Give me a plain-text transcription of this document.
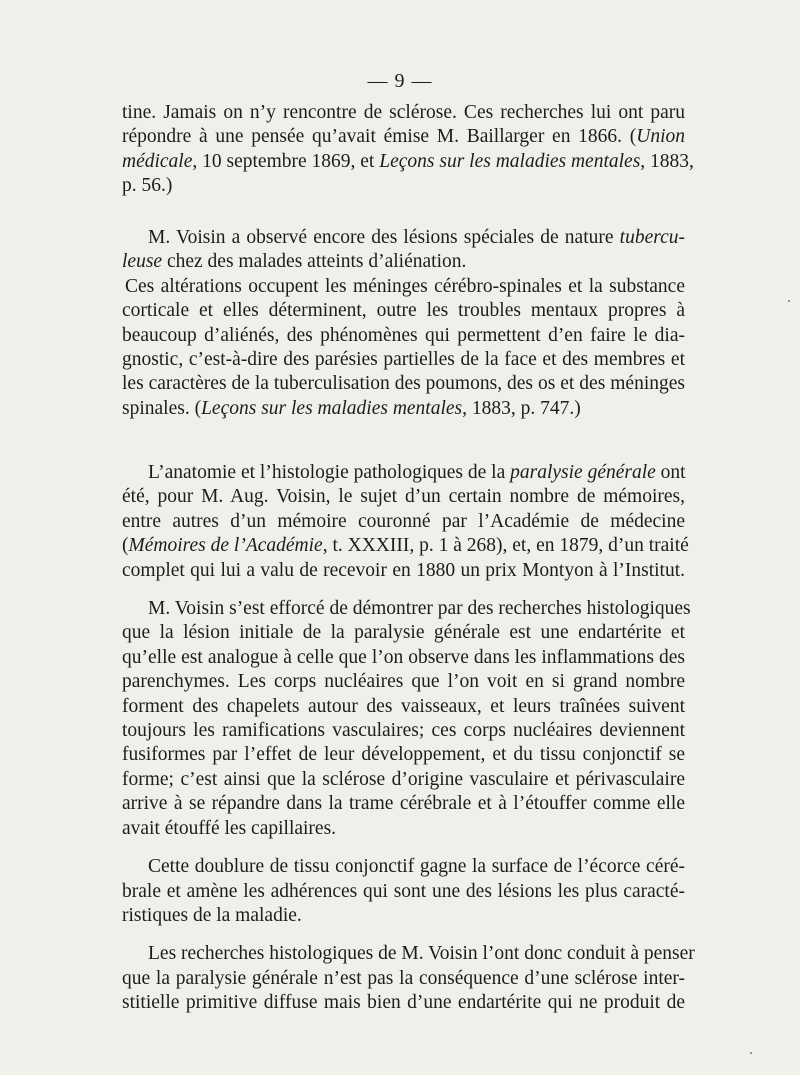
— 9 —

tine. Jamais on n’y rencontre de sclérose. Ces recherches lui ont paru
répondre à une pensée qu’avait émise M. Baillarger en 1866. (Union
médicale, 10 septembre 1869, et Leçons sur les maladies mentales, 1883,
p. 56.)

M. Voisin a observé encore des lésions spéciales de nature tubercu-
leuse chez des malades atteints d’aliénation.

Ces altérations occupent les méninges cérébro-spinales et la substance
corticale et elles déterminent, outre les troubles mentaux propres à
beaucoup d’aliénés, des phénomènes qui permettent d’en faire le dia-
gnostic, c’est-à-dire des parésies partielles de la face et des membres et
les caractères de la tuberculisation des poumons, des os et des méninges
spinales. (Leçons sur les maladies mentales, 1883, p. 747.)

L’anatomie et l’histologie pathologiques de la paralysie générale ont
été, pour M. Aug. Voisin, le sujet d’un certain nombre de mémoires,
entre autres d’un mémoire couronné par l’Académie de médecine
(Mémoires de l’Académie, t. XXXIII, p. 1 à 268), et, en 1879, d’un traité
complet qui lui a valu de recevoir en 1880 un prix Montyon à l’Institut.

M. Voisin s’est efforcé de démontrer par des recherches histologiques
que la lésion initiale de la paralysie générale est une endartérite et
qu’elle est analogue à celle que l’on observe dans les inflammations des
parenchymes. Les corps nucléaires que l’on voit en si grand nombre
forment des chapelets autour des vaisseaux, et leurs traînées suivent
toujours les ramifications vasculaires; ces corps nucléaires deviennent
fusiformes par l’effet de leur développement, et du tissu conjonctif se
forme; c’est ainsi que la sclérose d’origine vasculaire et périvasculaire
arrive à se répandre dans la trame cérébrale et à l’étouffer comme elle
avait étouffé les capillaires.

Cette doublure de tissu conjonctif gagne la surface de l’écorce céré-
brale et amène les adhérences qui sont une des lésions les plus caracté-
ristiques de la maladie.

Les recherches histologiques de M. Voisin l’ont donc conduit à penser
que la paralysie générale n’est pas la conséquence d’une sclérose inter-
stitielle primitive diffuse mais bien d’une endartérite qui ne produit de
